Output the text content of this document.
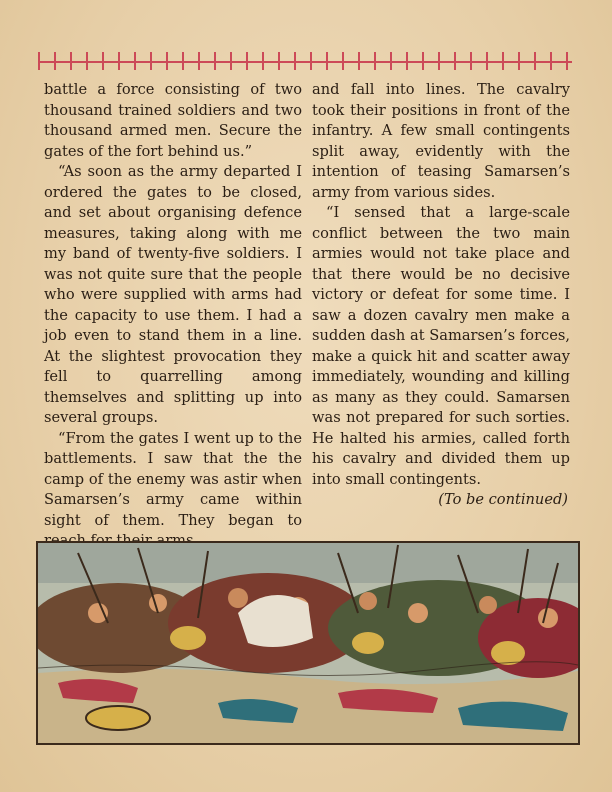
battle a force consisting of two thousand trained soldiers and two thousand armed men. Secure the gates of the fort behind us.”

“As soon as the army departed I ordered the gates to be closed, and set about organising defence measures, taking along with me my band of twenty-five soldiers. I was not quite sure that the people who were supplied with arms had the capacity to use them. I had a job even to stand them in a line. At the slightest provocation they fell to quarrelling among themselves and splitting up into several groups.

“From the gates I went up to the battlements. I saw that the the camp of the enemy was astir when Samarsen’s army came within sight of them. They began to

and fall into lines. The cavalry took their positions in front of the infantry. A few small contingents split away, evidently with the intention of teasing Samarsen’s army from various sides.

“I sensed that a large-scale conflict between the two main armies would not take place and that there would be no decisive victory or defeat for some time. I saw a dozen cavalry men make a sudden dash at Samarsen’s forces, make a quick hit and scatter away immediately, wounding and killing as many as they could. Samarsen was not prepared for such sorties. He halted his armies, called forth his cavalry and divided them up into small contingents.

(To be continued)
